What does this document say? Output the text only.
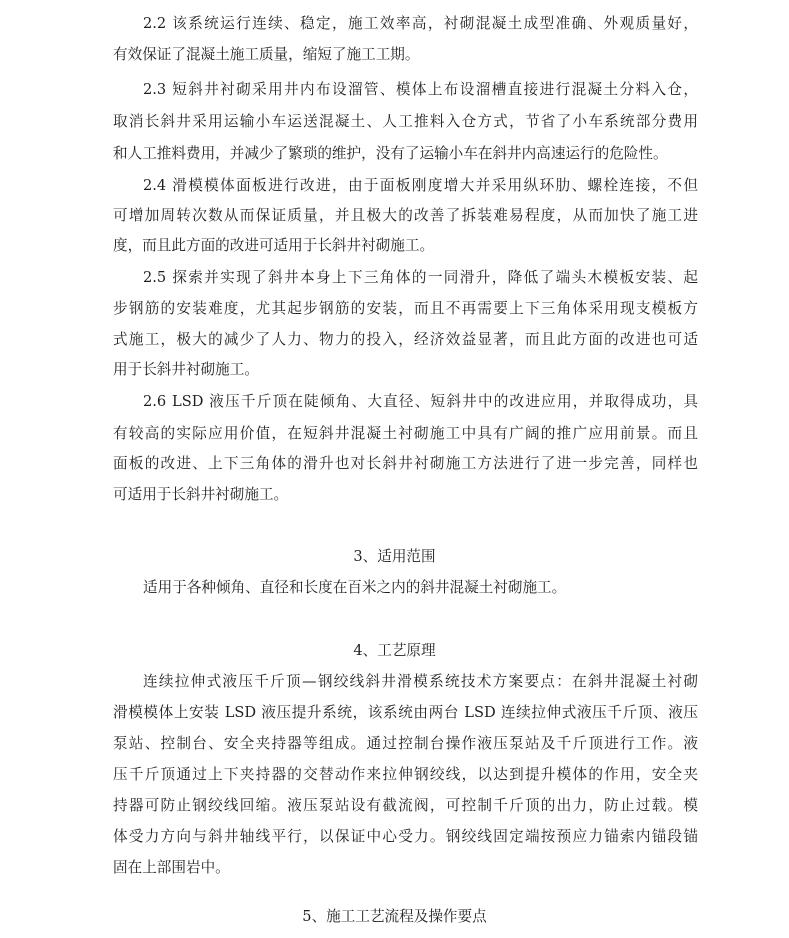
2.2 该系统运行连续、稳定，施工效率高，衬砌混凝土成型准确、外观质量好，
有效保证了混凝土施工质量，缩短了施工工期。
2.3 短斜井衬砌采用井内布设溜管、模体上布设溜槽直接进行混凝土分料入仓，
取消长斜井采用运输小车运送混凝土、人工推料入仓方式，节省了小车系统部分费用
和人工推料费用，并减少了繁琐的维护，没有了运输小车在斜井内高速运行的危险性。
2.4 滑模模体面板进行改进，由于面板刚度增大并采用纵环肋、螺栓连接，不但
可增加周转次数从而保证质量，并且极大的改善了拆装难易程度，从而加快了施工进
度，而且此方面的改进可适用于长斜井衬砌施工。
2.5 探索并实现了斜井本身上下三角体的一同滑升，降低了端头木模板安装、起
步钢筋的安装难度，尤其起步钢筋的安装，而且不再需要上下三角体采用现支模板方
式施工，极大的减少了人力、物力的投入，经济效益显著，而且此方面的改进也可适
用于长斜井衬砌施工。
2.6 LSD 液压千斤顶在陡倾角、大直径、短斜井中的改进应用，并取得成功，具
有较高的实际应用价值，在短斜井混凝土衬砌施工中具有广阔的推广应用前景。而且
面板的改进、上下三角体的滑升也对长斜井衬砌施工方法进行了进一步完善，同样也
可适用于长斜井衬砌施工。
3、适用范围
适用于各种倾角、直径和长度在百米之内的斜井混凝土衬砌施工。
4、工艺原理
连续拉伸式液压千斤顶—钢绞线斜井滑模系统技术方案要点：在斜井混凝土衬砌
滑模模体上安装 LSD 液压提升系统，该系统由两台 LSD 连续拉伸式液压千斤顶、液压
泵站、控制台、安全夹持器等组成。通过控制台操作液压泵站及千斤顶进行工作。液
压千斤顶通过上下夹持器的交替动作来拉伸钢绞线，以达到提升模体的作用，安全夹
持器可防止钢绞线回缩。液压泵站设有截流阀，可控制千斤顶的出力，防止过载。模
体受力方向与斜井轴线平行，以保证中心受力。钢绞线固定端按预应力锚索内锚段锚
固在上部围岩中。
5、施工工艺流程及操作要点
